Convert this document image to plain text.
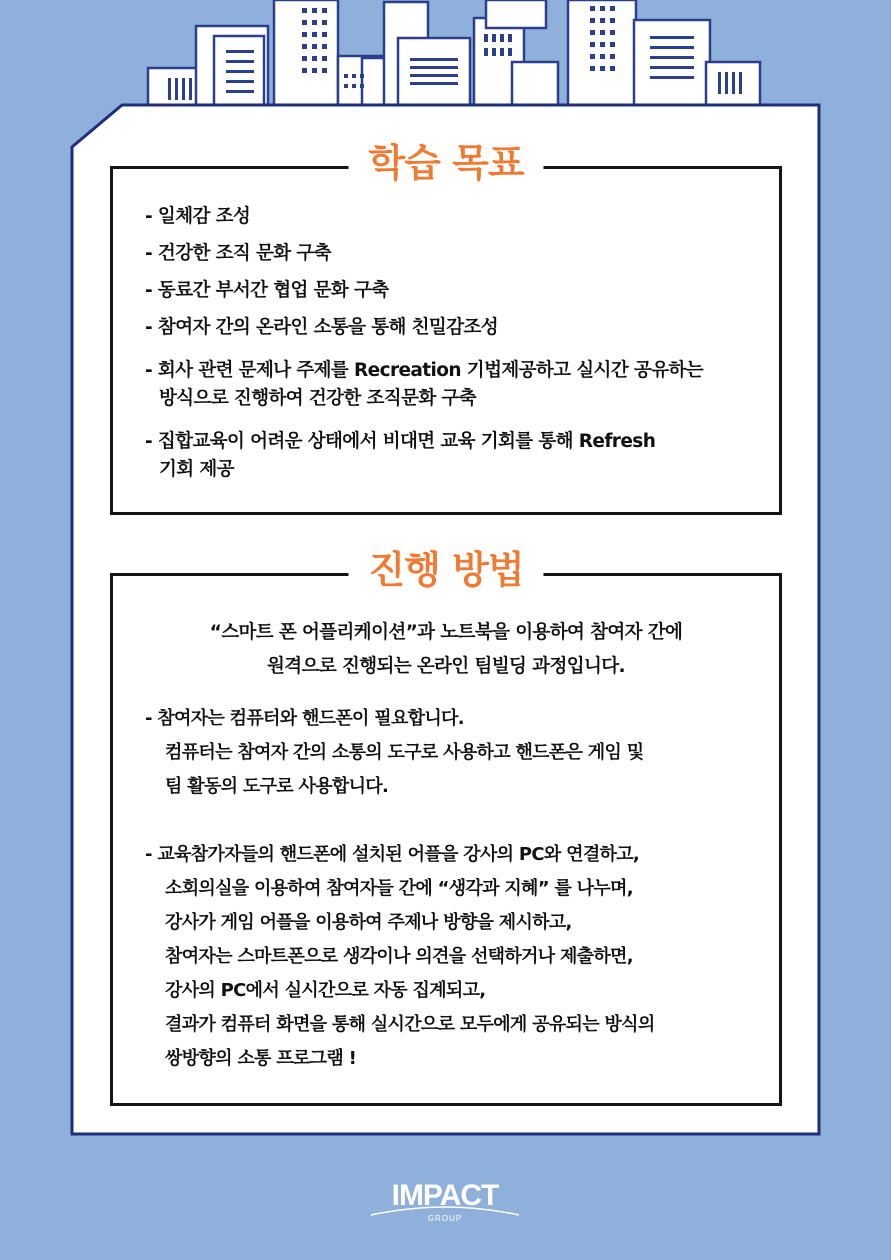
학습 목표
- 일체감 조성
- 건강한 조직 문화 구축
- 동료간 부서간 협업 문화 구축
- 참여자 간의 온라인 소통을 통해 친밀감조성
- 회사 관련 문제나 주제를 Recreation 기법제공하고 실시간 공유하는
방식으로 진행하여 건강한 조직문화 구축
- 집합교육이 어려운 상태에서 비대면 교육 기회를 통해 Refresh
기회 제공
진행 방법
“스마트 폰 어플리케이션”과 노트북을 이용하여 참여자 간에
원격으로 진행되는 온라인 팀빌딩 과정입니다.
- 참여자는 컴퓨터와 핸드폰이 필요합니다.
컴퓨터는 참여자 간의 소통의 도구로 사용하고 핸드폰은 게임 및
팀 활동의 도구로 사용합니다.
- 교육참가자들의 핸드폰에 설치된 어플을 강사의 PC와 연결하고,
소회의실을 이용하여 참여자들 간에 “생각과 지혜” 를 나누며,
강사가 게임 어플을 이용하여 주제나 방향을 제시하고,
참여자는 스마트폰으로 생각이나 의견을 선택하거나 제출하면,
강사의 PC에서 실시간으로 자동 집계되고,
결과가 컴퓨터 화면을 통해 실시간으로 모두에게 공유되는 방식의
쌍방향의 소통 프로그램 !
IMPACT
GROUP
